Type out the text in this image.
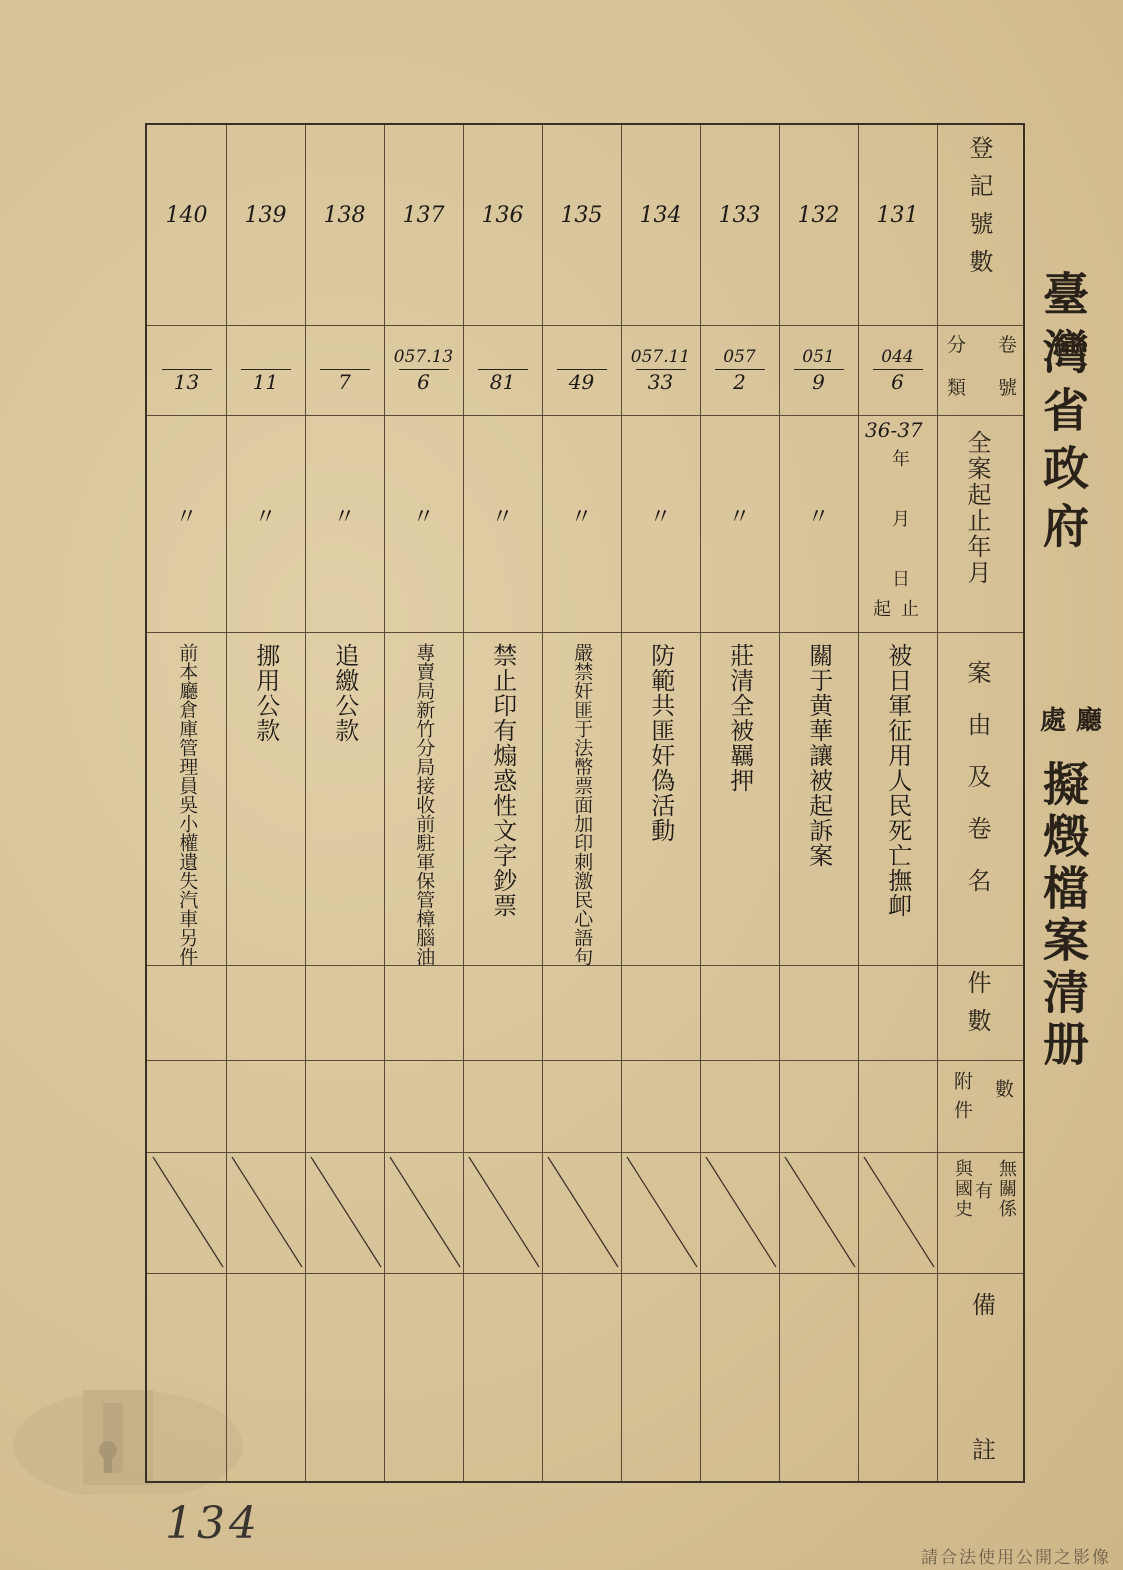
臺灣省政府
處廳
擬燬檔案清册
登記號數
分 卷
類 號
全案起止年月
案由及卷名
件數
數
附件
無關係
有
與國史
備
註
36-37
年
月
日
起止
131
044
6
被日軍征用人民死亡撫卹
132
051
9
〃
關于黄華讓被起訴案
133
057
2
〃
莊清全被羈押
134
057.11
33
〃
防範共匪奸偽活動
135
49
〃
嚴禁奸匪于法幣票面加印刺激民心語句
136
81
〃
禁止印有煽惑性文字鈔票
137
057.13
6
〃
專賣局新竹分局接收前駐軍保管樟腦油
138
7
〃
追繳公款
139
11
〃
挪用公款
140
13
〃
前本廳倉庫管理員吳小權遺失汽車另件
134
請合法使用公開之影像
